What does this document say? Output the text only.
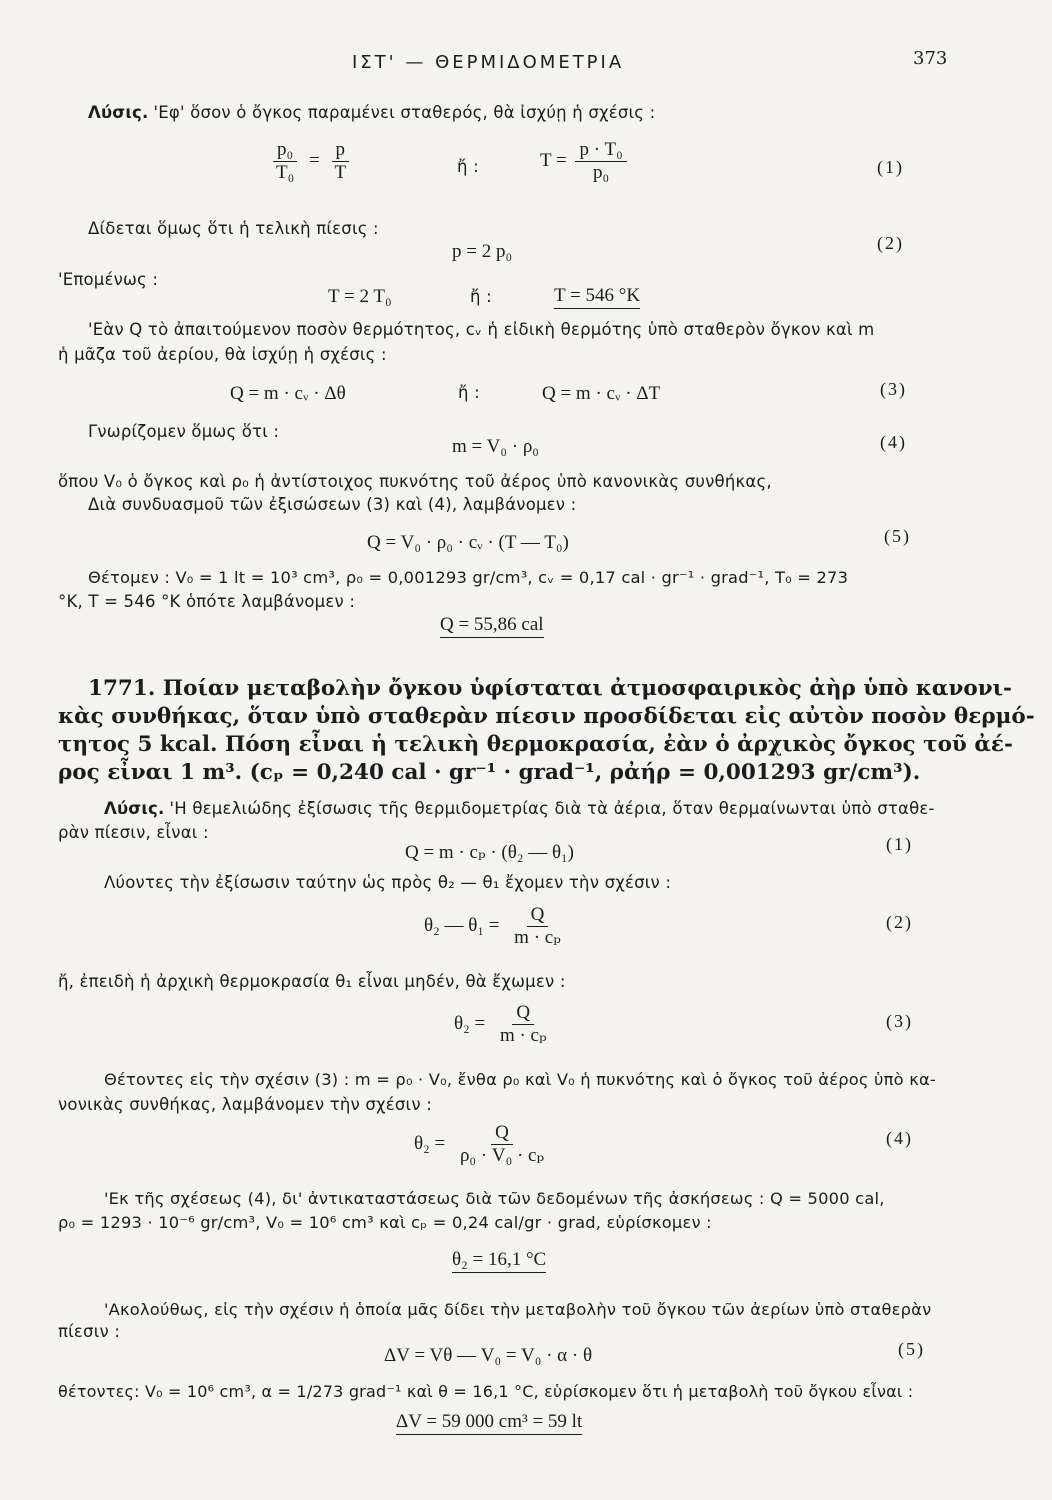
ΙΣΤ' — ΘΕΡΜΙΔΟΜΕΤΡΙΑ	373
Λύσις. 'Εφ' ὅσον ὁ ὄγκος παραμένει σταθερός, θὰ ἰσχύῃ ἡ σχέσις :
$\frac{\text{p₀}}{\text{T₀}} = \frac{p}{T}$	ἤ :	$T = \frac{\text{p · T₀}}{\text{p₀}}$	(1)
Δίδεται ὅμως ὅτι ἡ τελικὴ πίεσις :
p = 2 p₀	(2)
'Επομένως :
T = 2 T₀	ἤ :	T = 546 °K
'Εὰν Q τὸ ἀπαιτούμενον ποσὸν θερμότητος, cᵥ ἡ εἰδικὴ θερμότης ὑπὸ σταθερὸν ὄγκον καὶ m
ἡ μᾶζα τοῦ ἀερίου, θὰ ἰσχύῃ ἡ σχέσις :
Q = m · cᵥ · Δθ	ἤ :	Q = m · cᵥ · ΔT	(3)
Γνωρίζομεν ὅμως ὅτι :
m = V₀ · ρ₀	(4)
ὅπου V₀ ὁ ὄγκος καὶ ρ₀ ἡ ἀντίστοιχος πυκνότης τοῦ ἀέρος ὑπὸ κανονικὰς συνθήκας,
Διὰ συνδυασμοῦ τῶν ἐξισώσεων (3) καὶ (4), λαμβάνομεν :
Q = V₀ · ρ₀ · cᵥ · (T — T₀)	(5)
Θέτομεν : V₀ = 1 lt = 10³ cm³, ρ₀ = 0,001293 gr/cm³, cᵥ = 0,17 cal · gr⁻¹ · grad⁻¹, T₀ = 273
°K, T = 546 °K ὁπότε λαμβάνομεν :
Q = 55,86 cal
1771. Ποίαν μεταβολὴν ὄγκου ὑφίσταται ἀτμοσφαιρικὸς ἀὴρ ὑπὸ κανονι-
κὰς συνθήκας, ὅταν ὑπὸ σταθερὰν πίεσιν προσδίδεται εἰς αὐτὸν ποσὸν θερμό-
τητος 5 kcal. Πόση εἶναι ἡ τελικὴ θερμοκρασία, ἐὰν ὁ ἀρχικὸς ὄγκος τοῦ ἀέ-
ρος εἶναι 1 m³. (cₚ = 0,240 cal · gr⁻¹ · grad⁻¹, ρἀήρ = 0,001293 gr/cm³).
Λύσις. 'Η θεμελιώδης ἐξίσωσις τῆς θερμιδομετρίας διὰ τὰ ἀέρια, ὅταν θερμαίνωνται ὑπὸ σταθε-
ρὰν πίεσιν, εἶναι :
Q = m · cₚ · (θ₂ — θ₁)	(1)
Λύοντες τὴν ἐξίσωσιν ταύτην ὡς πρὸς θ₂ — θ₁ ἔχομεν τὴν σχέσιν :
θ₂ — $\theta_1 = \frac{Q}{\text{m · cₚ}}$	(2)
ἤ, ἐπειδὴ ἡ ἀρχικὴ θερμοκρασία θ₁ εἶναι μηδέν, θὰ ἔχωμεν :
$\theta_2 = \frac{Q}{\text{m · cₚ}}$	(3)
Θέτοντες εἰς τὴν σχέσιν (3) : m = ρ₀ · V₀, ἔνθα ρ₀ καὶ V₀ ἡ πυκνότης καὶ ὁ ὄγκος τοῦ ἀέρος ὑπὸ κα-
νονικὰς συνθήκας, λαμβάνομεν τὴν σχέσιν :
$\theta_2 = \frac{Q}{\text{ρ₀ · V₀ · cₚ}}$	(4)
'Εκ τῆς σχέσεως (4), δι' ἀντικαταστάσεως διὰ τῶν δεδομένων τῆς ἀσκήσεως : Q = 5000 cal,
ρ₀ = 1293 · 10⁻⁶ gr/cm³, V₀ = 10⁶ cm³ καὶ cₚ = 0,24 cal/gr · grad, εὑρίσκομεν :
θ₂ = 16,1 °C
'Ακολούθως, εἰς τὴν σχέσιν ἡ ὁποία μᾶς δίδει τὴν μεταβολὴν τοῦ ὄγκου τῶν ἀερίων ὑπὸ σταθερὰν
πίεσιν :
ΔV = Vθ — V₀ = V₀ · α · θ	(5)
θέτοντες: V₀ = 10⁶ cm³, α = 1/273 grad⁻¹ καὶ θ = 16,1 °C, εὑρίσκομεν ὅτι ἡ μεταβολὴ τοῦ ὄγκου εἶναι :
ΔV = 59 000 cm³ = 59 lt
